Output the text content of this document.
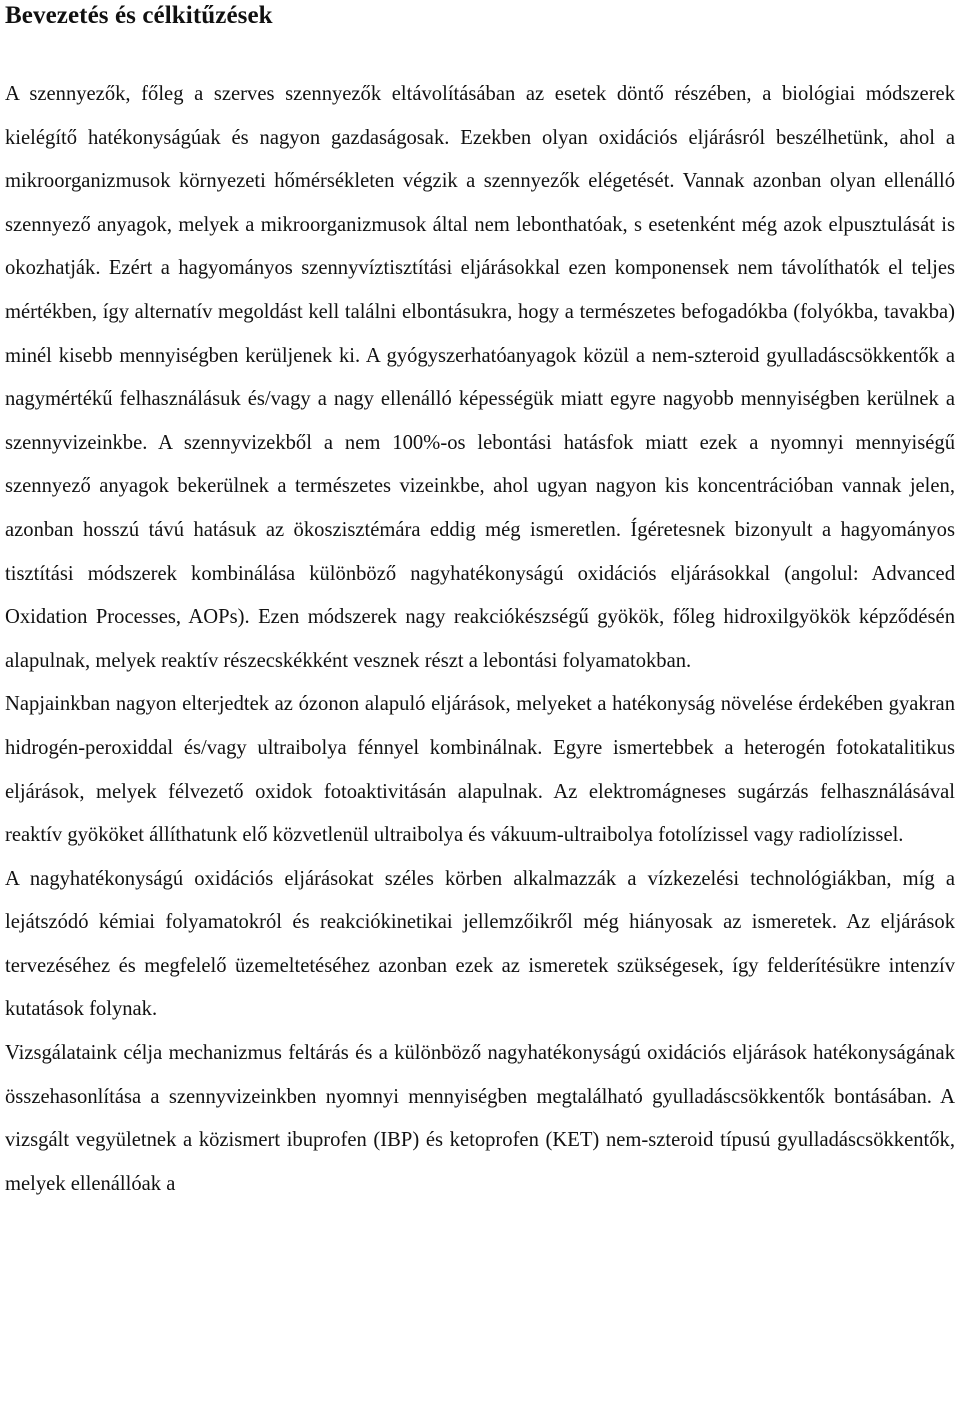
Bevezetés és célkitűzések

A szennyezők, főleg a szerves szennyezők eltávolításában az esetek döntő részében, a biológiai módszerek kielégítő hatékonyságúak és nagyon gazdaságosak. Ezekben olyan oxidációs eljárásról beszélhetünk, ahol a mikroorganizmusok környezeti hőmérsékleten végzik a szennyezők elégetését. Vannak azonban olyan ellenálló szennyező anyagok, melyek a mikroorganizmusok által nem lebonthatóak, s esetenként még azok elpusztulását is okozhatják. Ezért a hagyományos szennyvíztisztítási eljárásokkal ezen komponensek nem távolíthatók el teljes mértékben, így alternatív megoldást kell találni elbontásukra, hogy a természetes befogadókba (folyókba, tavakba) minél kisebb mennyiségben kerüljenek ki. A gyógyszerhatóanyagok közül a nem-szteroid gyulladáscsökkentők a nagymértékű felhasználásuk és/vagy a nagy ellenálló képességük miatt egyre nagyobb mennyiségben kerülnek a szennyvizeinkbe. A szennyvizekből a nem 100%-os lebontási hatásfok miatt ezek a nyomnyi mennyiségű szennyező anyagok bekerülnek a természetes vizeinkbe, ahol ugyan nagyon kis koncentrációban vannak jelen, azonban hosszú távú hatásuk az ökoszisztémára eddig még ismeretlen. Ígéretesnek bizonyult a hagyományos tisztítási módszerek kombinálása különböző nagyhatékonyságú oxidációs eljárásokkal (angolul: Advanced Oxidation Processes, AOPs). Ezen módszerek nagy reakciókészségű gyökök, főleg hidroxilgyökök képződésén alapulnak, melyek reaktív részecskékként vesznek részt a lebontási folyamatokban.

Napjainkban nagyon elterjedtek az ózonon alapuló eljárások, melyeket a hatékonyság növelése érdekében gyakran hidrogén-peroxiddal és/vagy ultraibolya fénnyel kombinálnak. Egyre ismertebbek a heterogén fotokatalitikus eljárások, melyek félvezető oxidok fotoaktivitásán alapulnak. Az elektromágneses sugárzás felhasználásával reaktív gyököket állíthatunk elő közvetlenül ultraibolya és vákuum-ultraibolya fotolízissel vagy radiolízissel.

A nagyhatékonyságú oxidációs eljárásokat széles körben alkalmazzák a vízkezelési technológiákban, míg a lejátszódó kémiai folyamatokról és reakciókinetikai jellemzőikről még hiányosak az ismeretek. Az eljárások tervezéséhez és megfelelő üzemeltetéséhez azonban ezek az ismeretek szükségesek, így felderítésükre intenzív kutatások folynak.

Vizsgálataink célja mechanizmus feltárás és a különböző nagyhatékonyságú oxidációs eljárások hatékonyságának összehasonlítása a szennyvizeinkben nyomnyi mennyiségben megtalálható gyulladáscsökkentők bontásában. A vizsgált vegyületnek a közismert ibuprofen (IBP) és ketoprofen (KET) nem-szteroid típusú gyulladáscsökkentők, melyek ellenállóak a
